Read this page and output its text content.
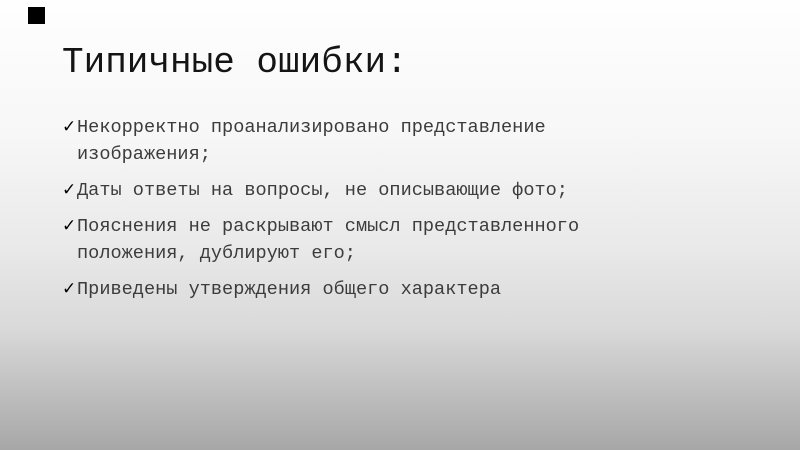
Типичные ошибки:
✓ Некорректно проанализировано представление изображения;
✓ Даты ответы на вопросы, не описывающие фото;
✓ Пояснения не раскрывают смысл представленного положения, дублируют его;
✓ Приведены утверждения общего характера
